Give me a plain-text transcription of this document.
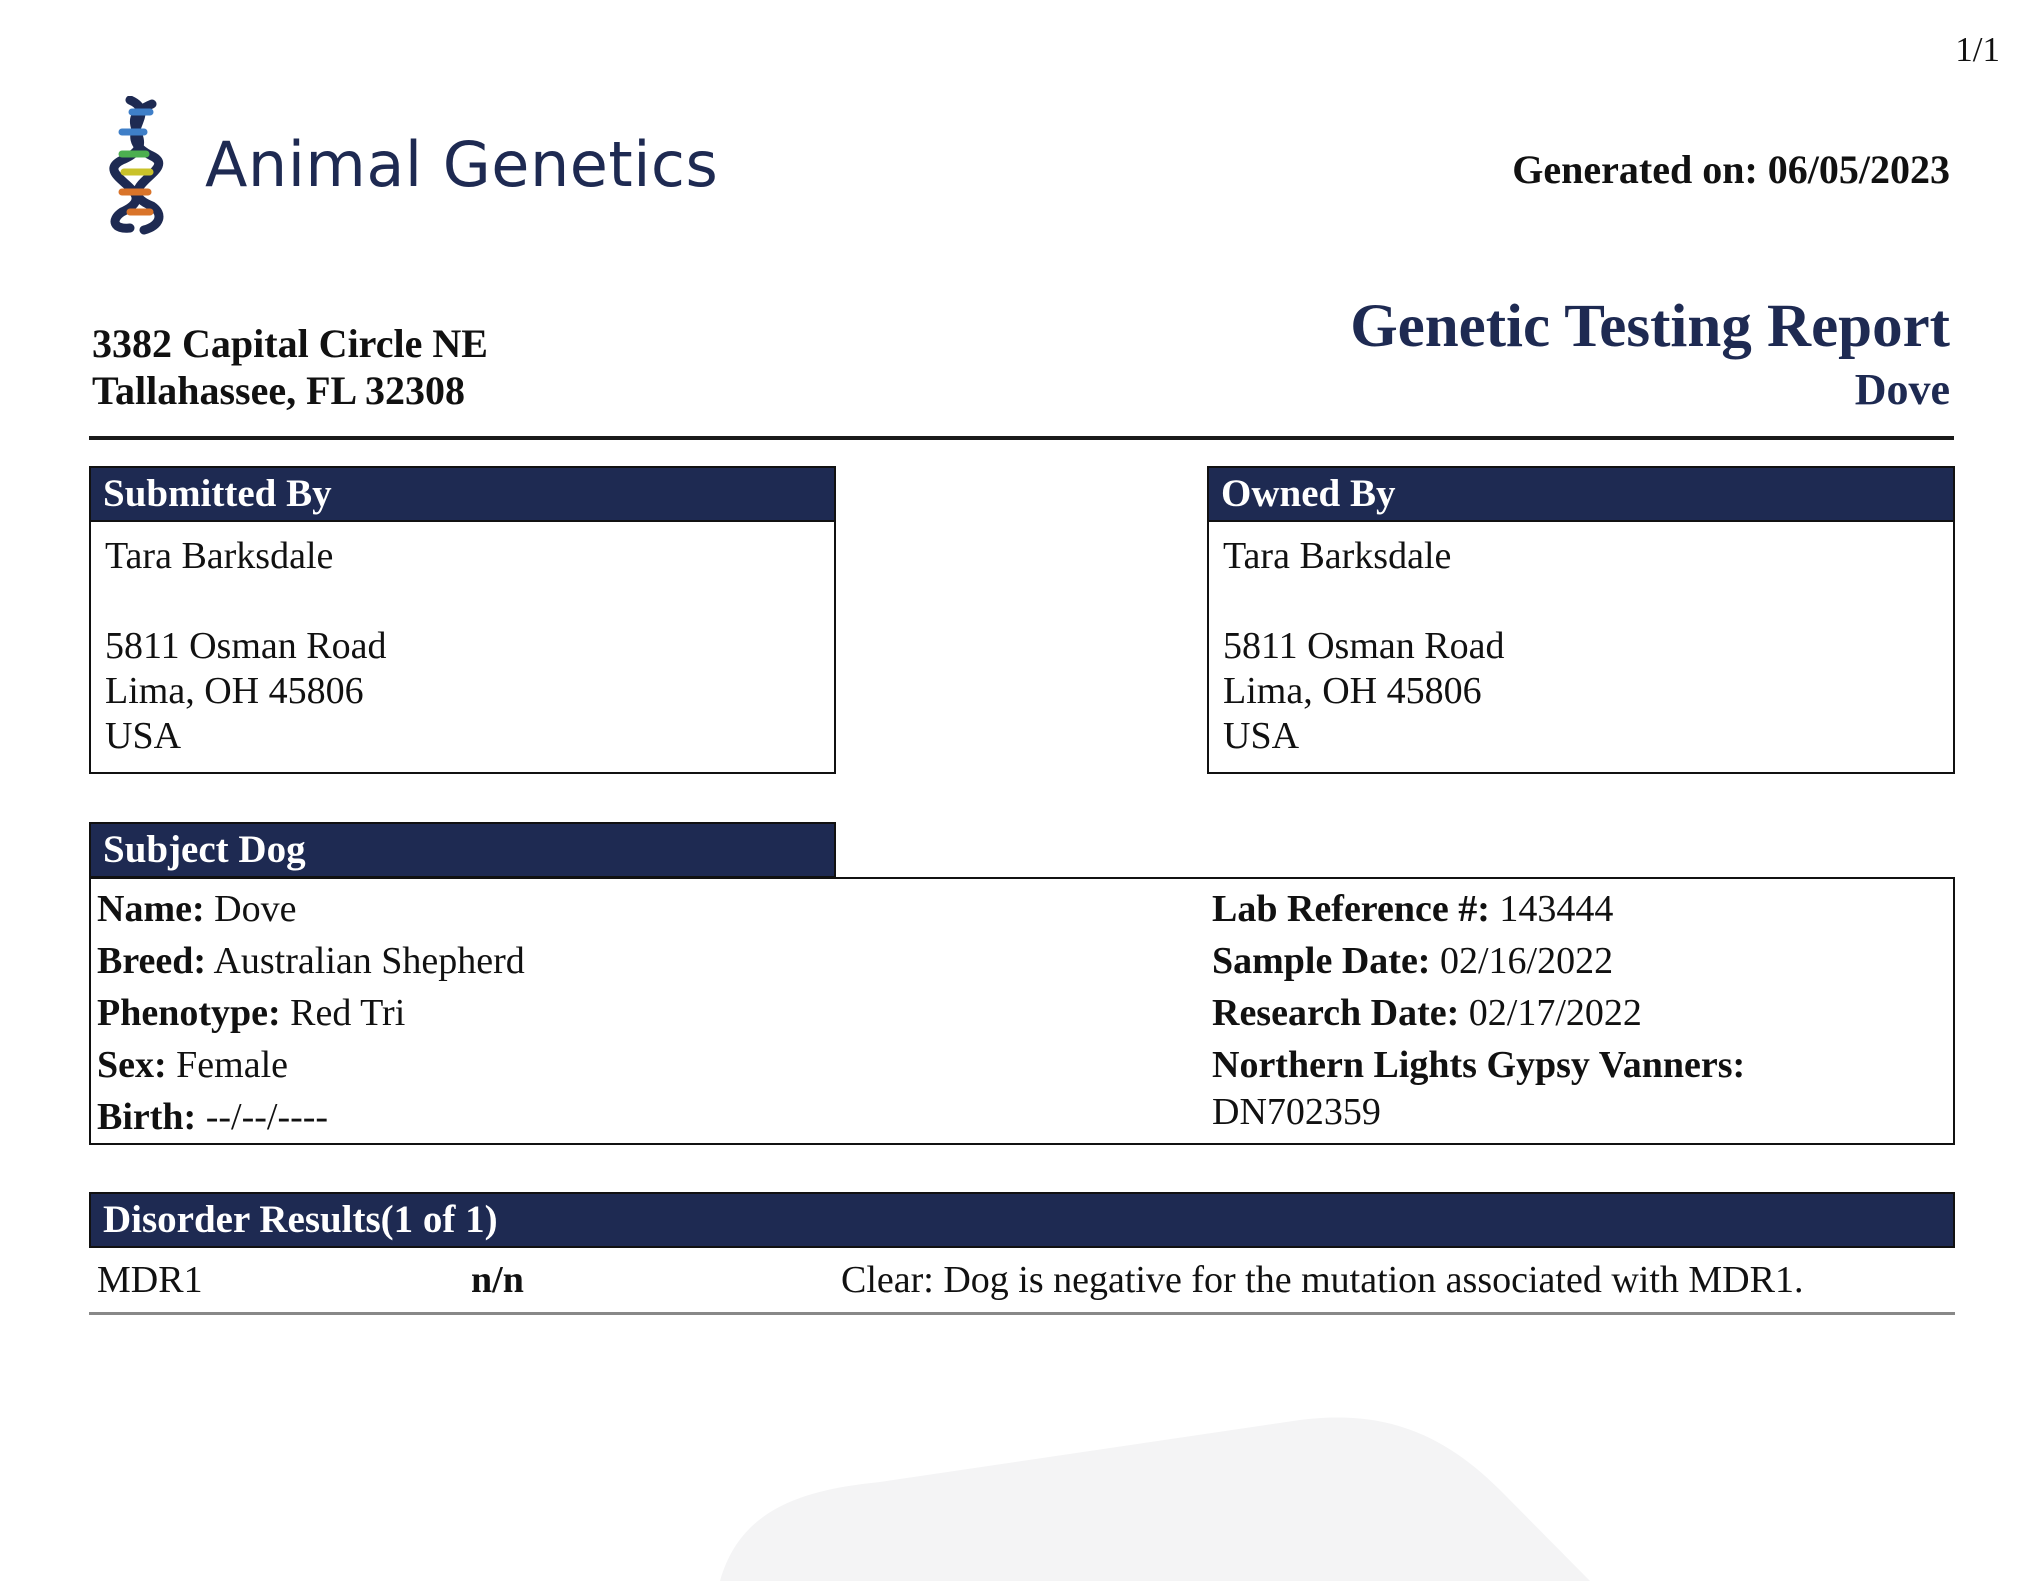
1/1
Animal Genetics	Generated on: 06/05/2023
3382 Capital Circle NE
Tallahassee, FL 32308
Genetic Testing Report
Dove
Submitted By
Tara Barksdale
5811 Osman Road
Lima, OH 45806
USA
Owned By
Tara Barksdale
5811 Osman Road
Lima, OH 45806
USA
Subject Dog
Name: Dove
Breed: Australian Shepherd
Phenotype: Red Tri
Sex: Female
Birth: --/--/----
Lab Reference #: 143444
Sample Date: 02/16/2022
Research Date: 02/17/2022
Northern Lights Gypsy Vanners:
DN702359
Disorder Results(1 of 1)
MDR1	n/n	Clear: Dog is negative for the mutation associated with MDR1.
